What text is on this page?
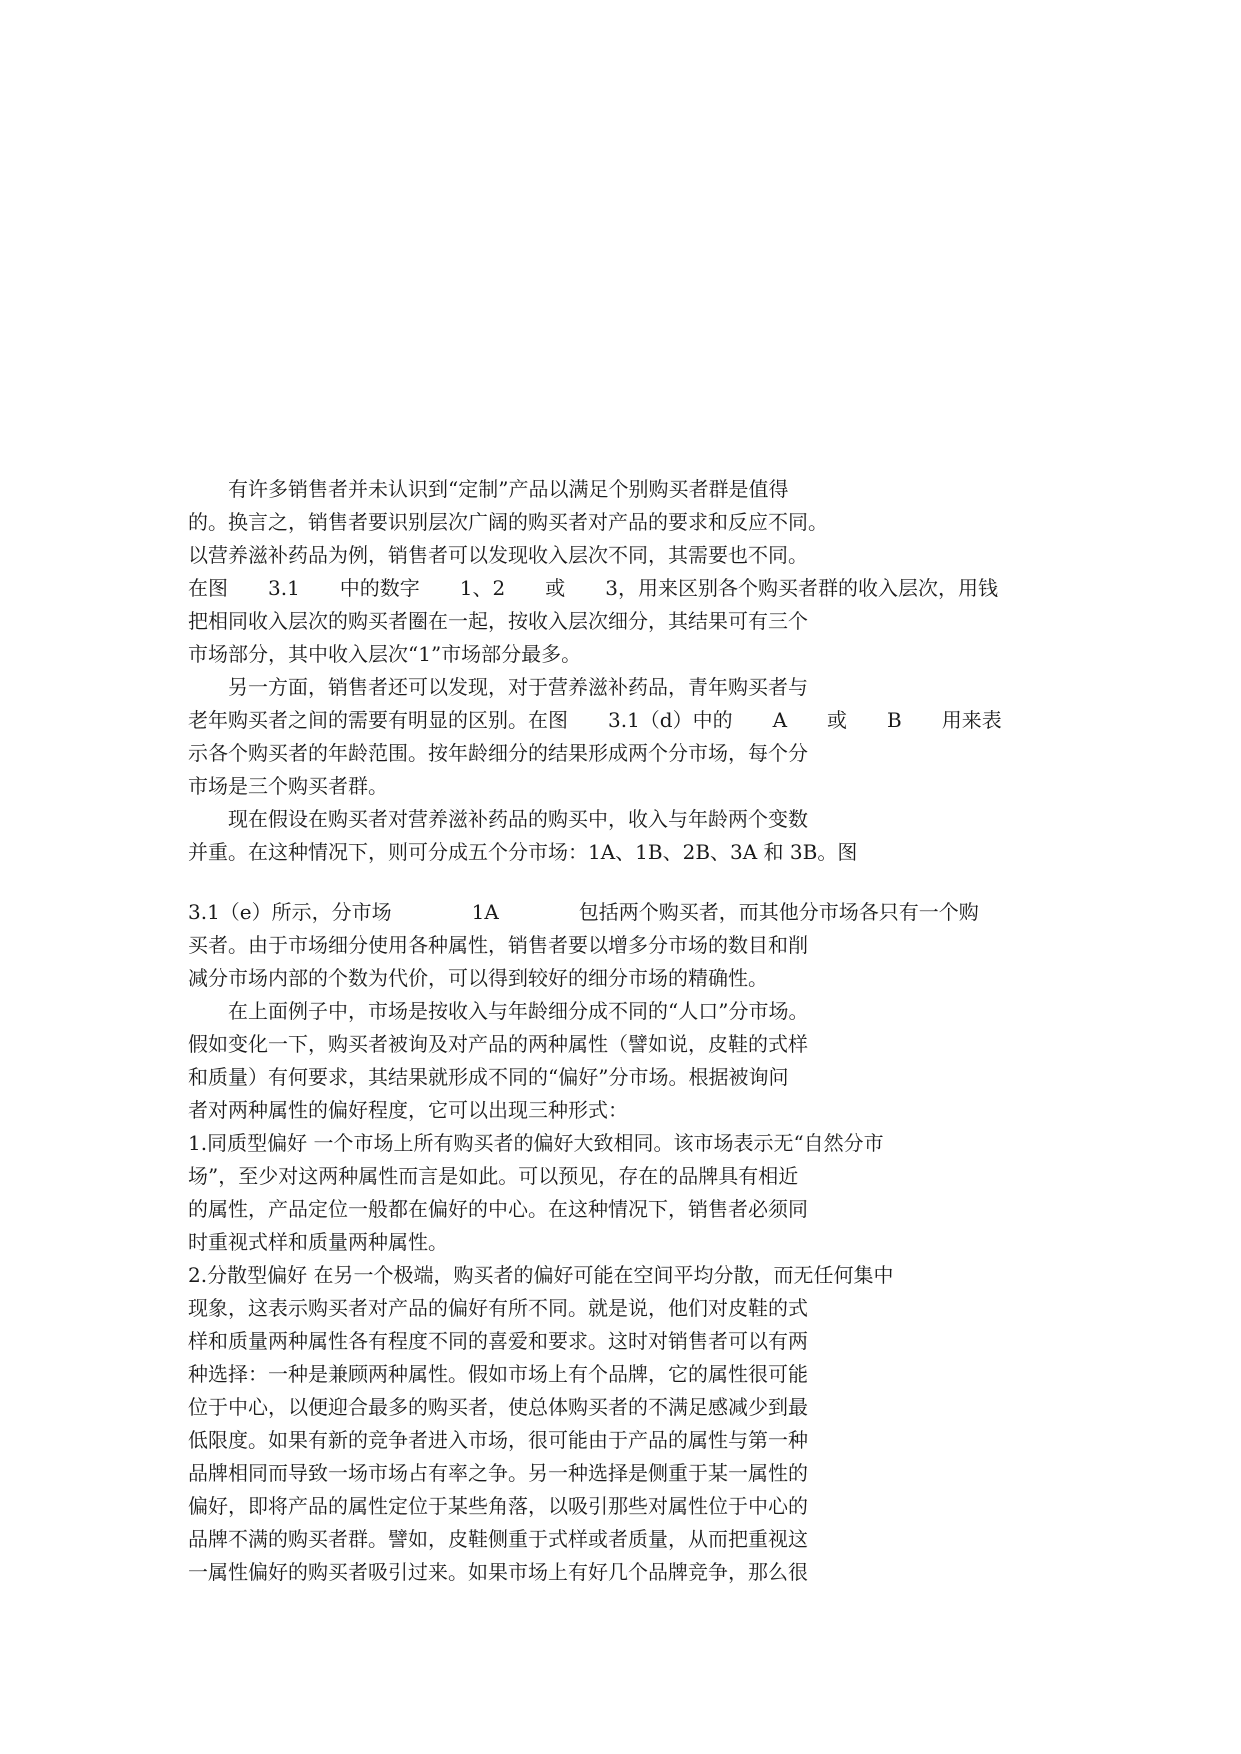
　　有许多销售者并未认识到“定制”产品以满足个别购买者群是值得

的。换言之，销售者要识别层次广阔的购买者对产品的要求和反应不同。

以营养滋补药品为例，销售者可以发现收入层次不同，其需要也不同。

在图　　3.1　　中的数字　　1、2　　或　　3，用来区别各个购买者群的收入层次，用钱

把相同收入层次的购买者圈在一起，按收入层次细分，其结果可有三个

市场部分，其中收入层次“1”市场部分最多。

　　另一方面，销售者还可以发现，对于营养滋补药品，青年购买者与

老年购买者之间的需要有明显的区别。在图　　3.1（d）中的　　A　　或　　B　　用来表

示各个购买者的年龄范围。按年龄细分的结果形成两个分市场，每个分

市场是三个购买者群。

　　现在假设在购买者对营养滋补药品的购买中，收入与年龄两个变数

并重。在这种情况下，则可分成五个分市场：1A、1B、2B、3A 和 3B。图

3.1（e）所示，分市场　　　　1A　　　　包括两个购买者，而其他分市场各只有一个购

买者。由于市场细分使用各种属性，销售者要以增多分市场的数目和削

减分市场内部的个数为代价，可以得到较好的细分市场的精确性。

　　在上面例子中，市场是按收入与年龄细分成不同的“人口”分市场。

假如变化一下，购买者被询及对产品的两种属性（譬如说，皮鞋的式样

和质量）有何要求，其结果就形成不同的“偏好”分市场。根据被询问

者对两种属性的偏好程度，它可以出现三种形式：

1.同质型偏好 一个市场上所有购买者的偏好大致相同。该市场表示无“自然分市

场”，至少对这两种属性而言是如此。可以预见，存在的品牌具有相近

的属性，产品定位一般都在偏好的中心。在这种情况下，销售者必须同

时重视式样和质量两种属性。

2.分散型偏好 在另一个极端，购买者的偏好可能在空间平均分散，而无任何集中

现象，这表示购买者对产品的偏好有所不同。就是说，他们对皮鞋的式

样和质量两种属性各有程度不同的喜爱和要求。这时对销售者可以有两

种选择：一种是兼顾两种属性。假如市场上有个品牌，它的属性很可能

位于中心，以便迎合最多的购买者，使总体购买者的不满足感减少到最

低限度。如果有新的竞争者进入市场，很可能由于产品的属性与第一种

品牌相同而导致一场市场占有率之争。另一种选择是侧重于某一属性的

偏好，即将产品的属性定位于某些角落，以吸引那些对属性位于中心的

品牌不满的购买者群。譬如，皮鞋侧重于式样或者质量，从而把重视这

一属性偏好的购买者吸引过来。如果市场上有好几个品牌竞争，那么很
